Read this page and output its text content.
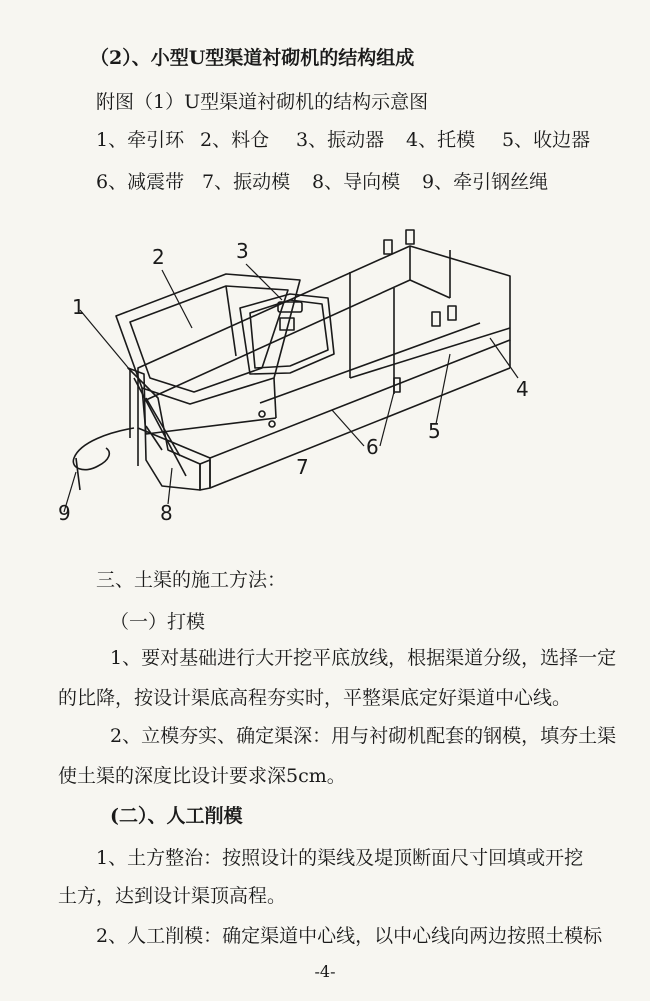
（2）、小型U型渠道衬砌机的结构组成
附图（1）U型渠道衬砌机的结构示意图
1、牵引环 2、料仓 3、振动器 4、托模 5、收边器
6、减震带 7、振动模 8、导向模 9、牵引钢丝绳
1
2	3
4
5
6
7
8
9
三、土渠的施工方法：
（一）打模
1、要对基础进行大开挖平底放线，根据渠道分级，选择一定
的比降，按设计渠底高程夯实时，平整渠底定好渠道中心线。
2、立模夯实、确定渠深：用与衬砌机配套的钢模，填夯土渠
使土渠的深度比设计要求深5cm。
(二）、人工削模
1、土方整治：按照设计的渠线及堤顶断面尺寸回填或开挖
土方，达到设计渠顶高程。
2、人工削模：确定渠道中心线，以中心线向两边按照土模标
-4-
